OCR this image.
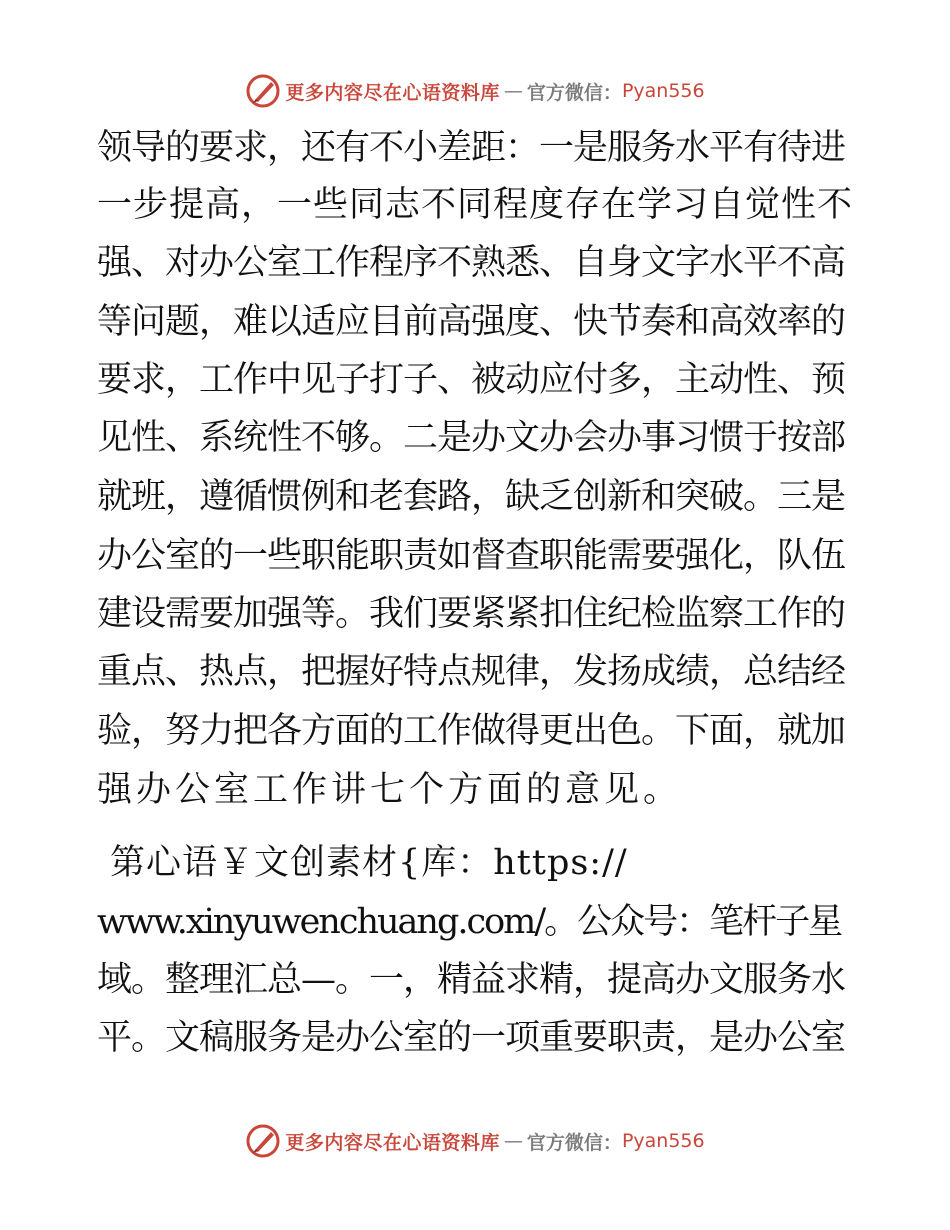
更多内容尽在心语资料库 — 官方微信： Pyan556
领导的要求，还有不小差距：一是服务水平有待进
一步提高，一些同志不同程度存在学习自觉性不
强、对办公室工作程序不熟悉、自身文字水平不高
等问题，难以适应目前高强度、快节奏和高效率的
要求，工作中见子打子、被动应付多，主动性、预
见性、系统性不够。二是办文办会办事习惯于按部
就班，遵循惯例和老套路，缺乏创新和突破。三是
办公室的一些职能职责如督查职能需要强化，队伍
建设需要加强等。我们要紧紧扣住纪检监察工作的
重点、热点，把握好特点规律，发扬成绩，总结经
验，努力把各方面的工作做得更出色。下面，就加
强办公室工作讲七个方面的意见。
第心语￥文创素材{库：https://
www.xinyuwenchuang.com/。公众号：笔杆子星
域。整理汇总—。一，精益求精，提高办文服务水
平。文稿服务是办公室的一项重要职责，是办公室
更多内容尽在心语资料库 — 官方微信： Pyan556
